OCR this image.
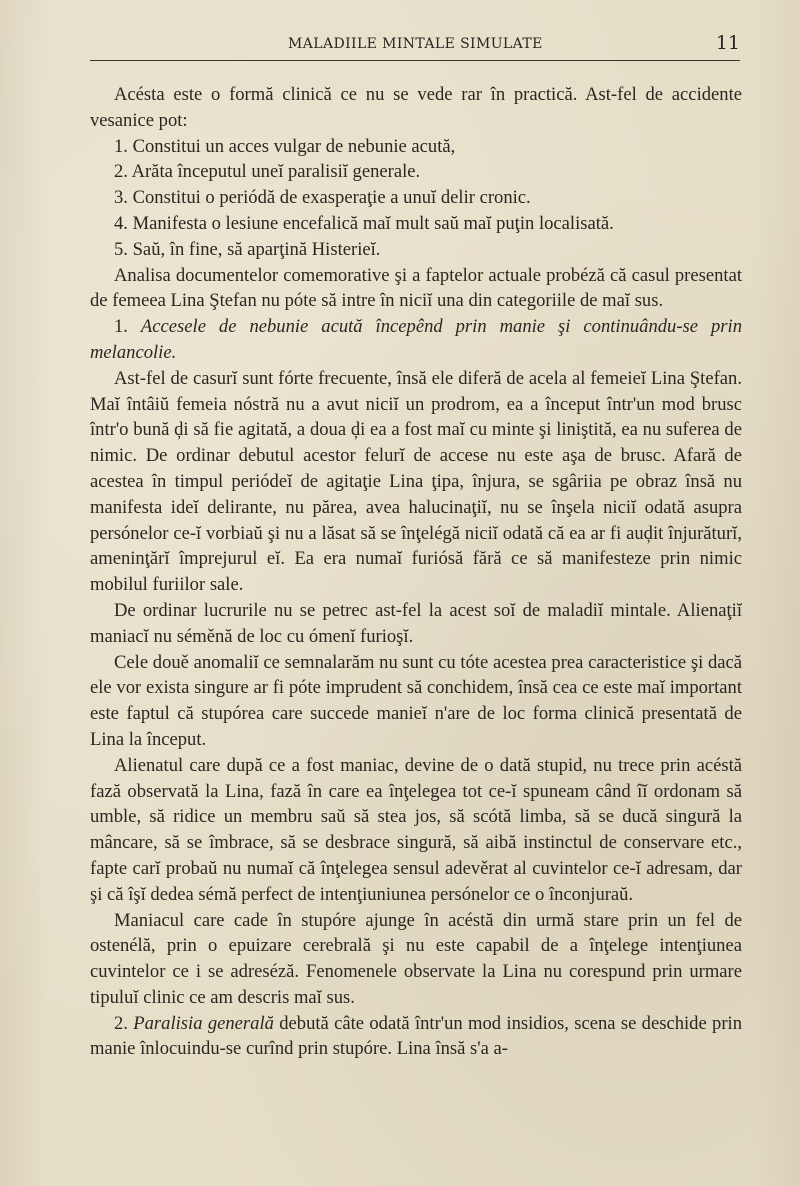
MALADIILE MINTALE SIMULATE	11

Acésta este o formă clinică ce nu se vede rar în practică. Ast-fel de accidente vesanice pot:

1. Constitui un acces vulgar de nebunie acută,

2. Arăta începutul uneĭ paralisiĭ generale.

3. Constitui o periódă de exasperaţie a unuĭ delir cronic.

4. Manifesta o lesiune encefalică maĭ mult saŭ maĭ puţin localisată.

5. Saŭ, în fine, să aparţină Histerieĭ.

Analisa documentelor comemorative şi a faptelor actuale probéză că casul presentat de femeea Lina Ştefan nu póte să intre în niciĭ una din categoriile de maĭ sus.

1. Accesele de nebunie acută începênd prin manie şi continuându-se prin melancolie.

Ast-fel de casurĭ sunt fórte frecuente, însă ele diferă de acela al femeieĭ Lina Ştefan. Maĭ întâiŭ femeia nóstră nu a avut niciĭ un prodrom, ea a început într'un mod brusc într'o bună ḑi să fie agitată, a doua ḑi ea a fost maĭ cu minte şi liniştită, ea nu suferea de nimic. De ordinar debutul acestor felurĭ de accese nu este aşa de brusc. Afară de acestea în timpul periódeĭ de agitaţie Lina ţipa, înjura, se sgâriia pe obraz însă nu manifesta ideĭ delirante, nu părea, avea halucinaţiĭ, nu se înşela niciĭ odată asupra persónelor ce-ĭ vorbiaŭ şi nu a lăsat să se înţelégă niciĭ odată că ea ar fi auḑit înjurăturĭ, ameninţărĭ împrejurul eĭ. Ea era numaĭ furiósă fără ce să manifesteze prin nimic mobilul furiilor sale.

De ordinar lucrurile nu se petrec ast-fel la acest soĭ de maladiĭ mintale. Alienaţiĭ maniacĭ nu séměnă de loc cu ómenĭ furioşĭ.

Cele douě anomaliĭ ce semnalarăm nu sunt cu tóte acestea prea caracteristice şi dacă ele vor exista singure ar fi póte imprudent să conchidem, însă cea ce este maĭ important este faptul că stupórea care succede manieĭ n'are de loc forma clinică presentată de Lina la început.

Alienatul care după ce a fost maniac, devine de o dată stupid, nu trece prin acéstă fază observată la Lina, fază în care ea înţelegea tot ce-ĭ spuneam când îĭ ordonam să umble, să ridice un membru saŭ să stea jos, să scótă limba, să se ducă singură la mâncare, să se îmbrace, să se desbrace singură, să aibă instinctul de conservare etc., fapte carĭ probaŭ nu numaĭ că înţelegea sensul adevěrat al cuvintelor ce-ĭ adresam, dar şi că îşĭ dedea sémă perfect de intenţiuniunea persónelor ce o înconjuraŭ.

Maniacul care cade în stupóre ajunge în acéstă din urmă stare prin un fel de ostenélă, prin o epuizare cerebrală şi nu este capabil de a înţelege intenţiunea cuvintelor ce i se adreséză. Fenomenele observate la Lina nu corespund prin urmare tipuluĭ clinic ce am descris maĭ sus.

2. Paralisia generală debută câte odată într'un mod insidios, scena se deschide prin manie înlocuindu-se curînd prin stupóre. Lina însă s'a a-
